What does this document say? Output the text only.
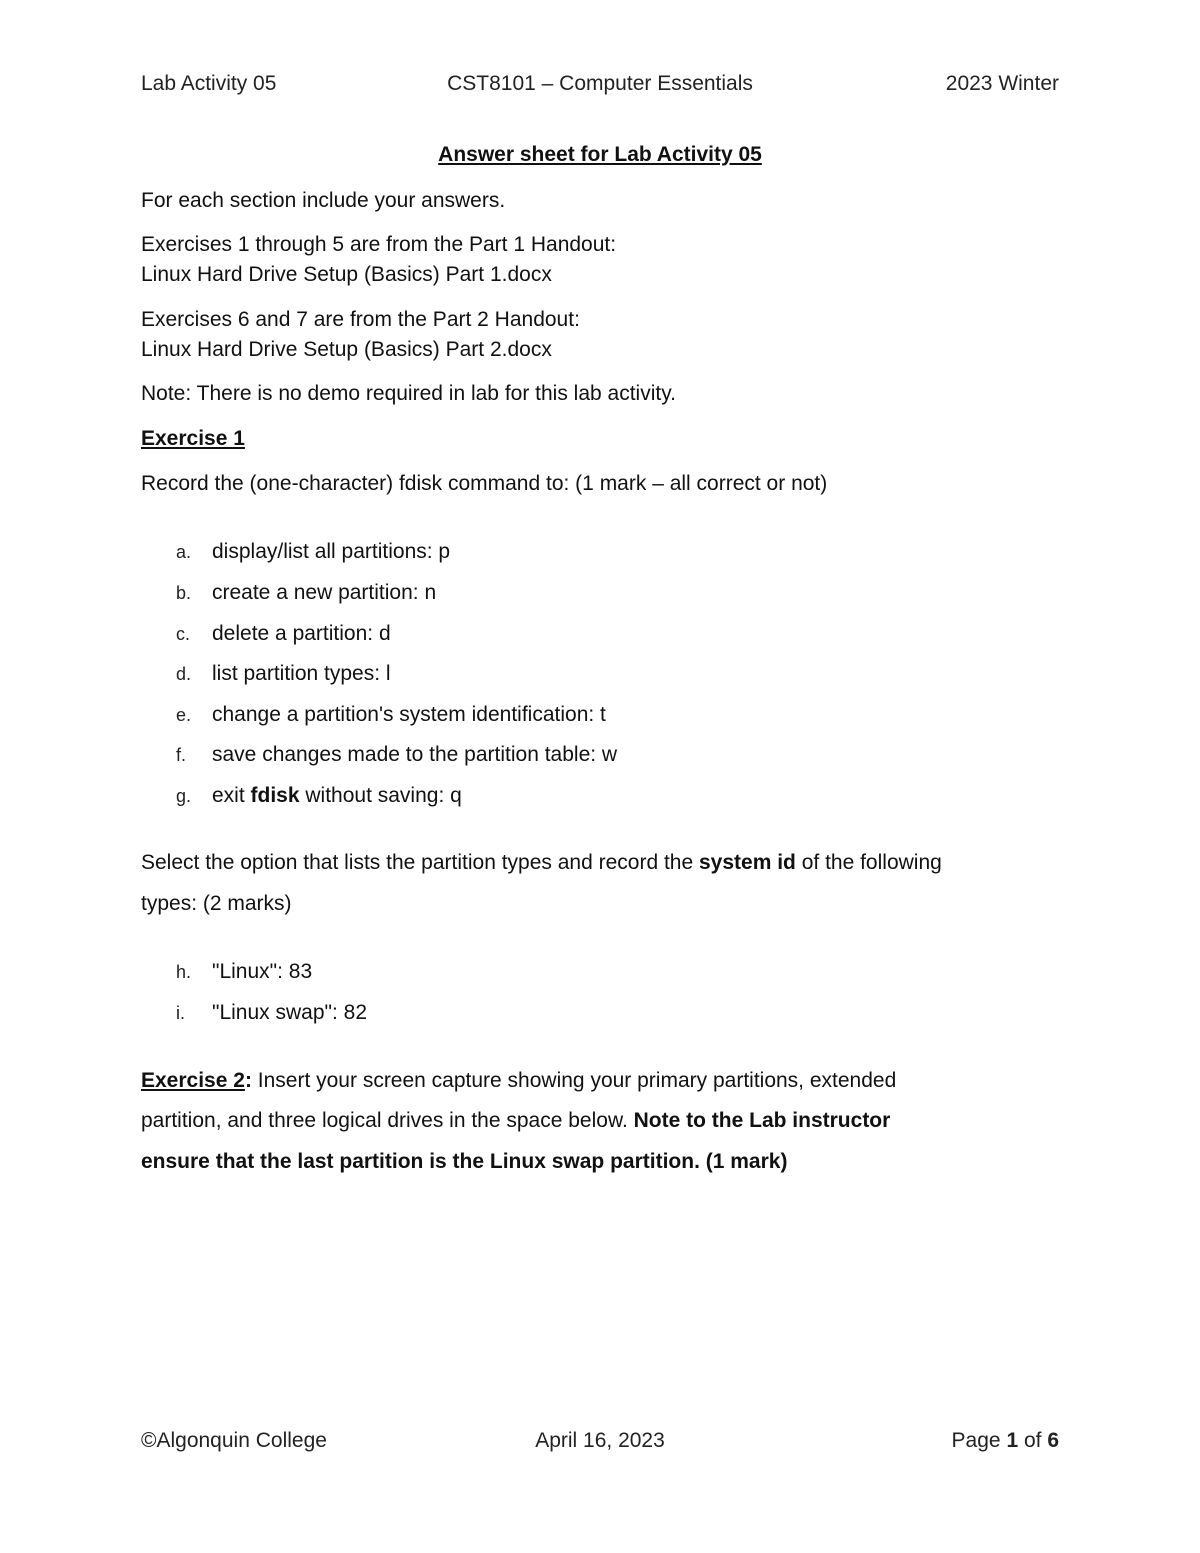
Lab Activity 05	CST8101 – Computer Essentials	2023 Winter
Answer sheet for Lab Activity 05
For each section include your answers.
Exercises 1 through 5 are from the Part 1 Handout:
Linux Hard Drive Setup (Basics) Part 1.docx
Exercises 6 and 7 are from the Part 2 Handout:
Linux Hard Drive Setup (Basics) Part 2.docx
Note: There is no demo required in lab for this lab activity.
Exercise 1
Record the (one-character) fdisk command to: (1 mark – all correct or not)
a. display/list all partitions: p
b. create a new partition: n
c. delete a partition: d
d. list partition types: l
e. change a partition's system identification: t
f. save changes made to the partition table: w
g. exit fdisk without saving: q
Select the option that lists the partition types and record the system id of the following
types: (2 marks)
h. "Linux": 83
i. "Linux swap": 82
Exercise 2: Insert your screen capture showing your primary partitions, extended
partition, and three logical drives in the space below. Note to the Lab instructor
ensure that the last partition is the Linux swap partition. (1 mark)
©Algonquin College	April 16, 2023	Page 1 of 6
